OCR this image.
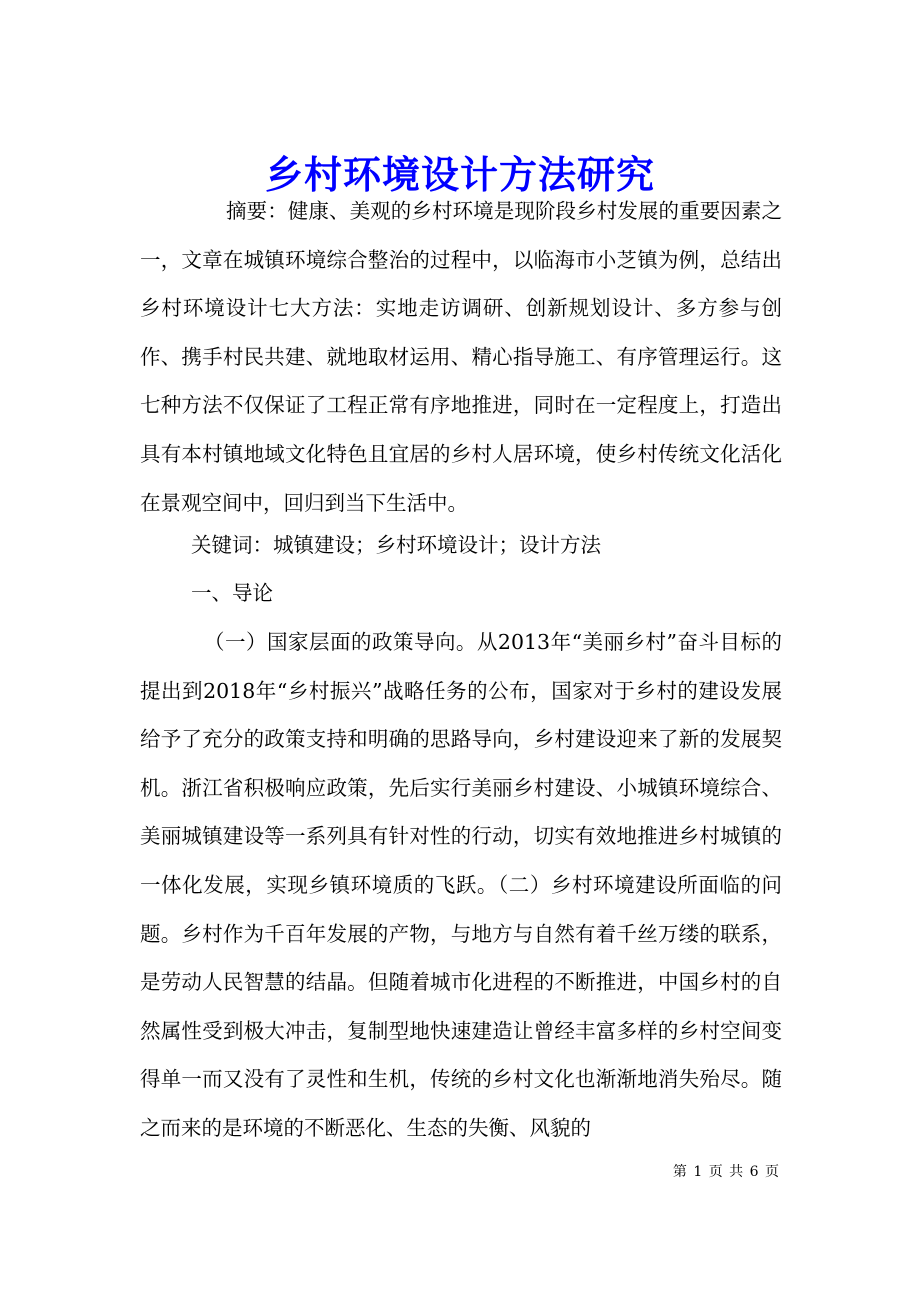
乡村环境设计方法研究
摘要：健康、美观的乡村环境是现阶段乡村发展的重要因素之一，文章在城镇环境综合整治的过程中，以临海市小芝镇为例，总结出乡村环境设计七大方法：实地走访调研、创新规划设计、多方参与创作、携手村民共建、就地取材运用、精心指导施工、有序管理运行。这七种方法不仅保证了工程正常有序地推进，同时在一定程度上，打造出具有本村镇地域文化特色且宜居的乡村人居环境，使乡村传统文化活化在景观空间中，回归到当下生活中。
关键词：城镇建设；乡村环境设计；设计方法
一、导论
（一）国家层面的政策导向。从2013年“美丽乡村”奋斗目标的提出到2018年“乡村振兴”战略任务的公布，国家对于乡村的建设发展给予了充分的政策支持和明确的思路导向，乡村建设迎来了新的发展契机。浙江省积极响应政策，先后实行美丽乡村建设、小城镇环境综合、美丽城镇建设等一系列具有针对性的行动，切实有效地推进乡村城镇的一体化发展，实现乡镇环境质的飞跃。（二）乡村环境建设所面临的问题。乡村作为千百年发展的产物，与地方与自然有着千丝万缕的联系，是劳动人民智慧的结晶。但随着城市化进程的不断推进，中国乡村的自然属性受到极大冲击，复制型地快速建造让曾经丰富多样的乡村空间变得单一而又没有了灵性和生机，传统的乡村文化也渐渐地消失殆尽。随之而来的是环境的不断恶化、生态的失衡、风貌的
第 1 页 共 6 页
